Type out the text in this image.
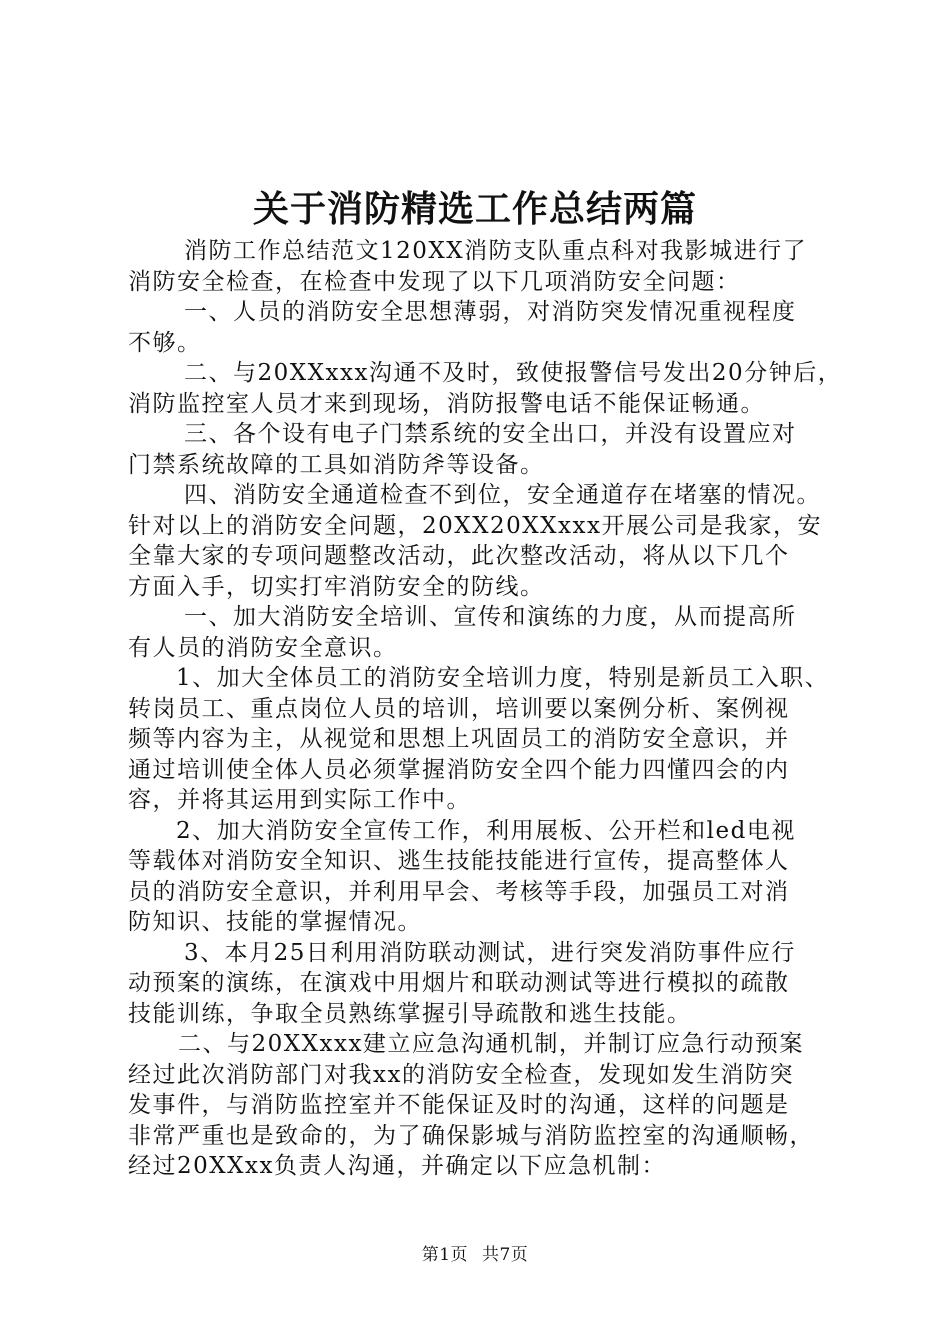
关于消防精选工作总结两篇
消防工作总结范文120XX消防支队重点科对我影城进行了
消防安全检查，在检查中发现了以下几项消防安全问题：
一、人员的消防安全思想薄弱，对消防突发情况重视程度
不够。
二、与20XXxxx沟通不及时，致使报警信号发出20分钟后，
消防监控室人员才来到现场，消防报警电话不能保证畅通。
三、各个设有电子门禁系统的安全出口，并没有设置应对
门禁系统故障的工具如消防斧等设备。
四、消防安全通道检查不到位，安全通道存在堵塞的情况。
针对以上的消防安全问题，20XX20XXxxx开展公司是我家，安
全靠大家的专项问题整改活动，此次整改活动，将从以下几个
方面入手，切实打牢消防安全的防线。
一、加大消防安全培训、宣传和演练的力度，从而提高所
有人员的消防安全意识。
1、加大全体员工的消防安全培训力度，特别是新员工入职、
转岗员工、重点岗位人员的培训，培训要以案例分析、案例视
频等内容为主，从视觉和思想上巩固员工的消防安全意识，并
通过培训使全体人员必须掌握消防安全四个能力四懂四会的内
容，并将其运用到实际工作中。
2、加大消防安全宣传工作，利用展板、公开栏和led电视
等载体对消防安全知识、逃生技能技能进行宣传，提高整体人
员的消防安全意识，并利用早会、考核等手段，加强员工对消
防知识、技能的掌握情况。
3、本月25日利用消防联动测试，进行突发消防事件应行
动预案的演练，在演戏中用烟片和联动测试等进行模拟的疏散
技能训练，争取全员熟练掌握引导疏散和逃生技能。
二、与20XXxxx建立应急沟通机制，并制订应急行动预案
经过此次消防部门对我xx的消防安全检查，发现如发生消防突
发事件，与消防监控室并不能保证及时的沟通，这样的问题是
非常严重也是致命的，为了确保影城与消防监控室的沟通顺畅，
经过20XXxx负责人沟通，并确定以下应急机制：
第1页 共7页
